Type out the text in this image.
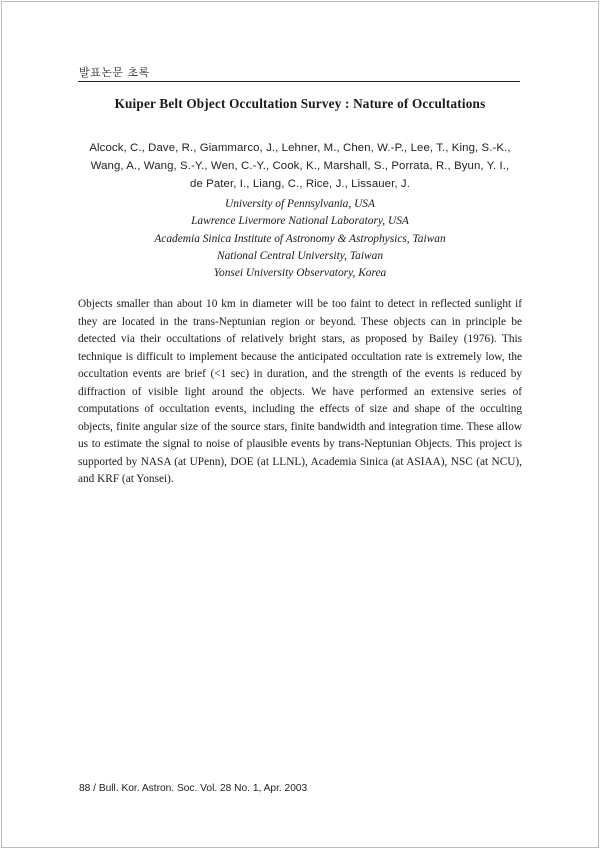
발표논문 초록
Kuiper Belt Object Occultation Survey : Nature of Occultations
Alcock, C., Dave, R., Giammarco, J., Lehner, M., Chen, W.-P., Lee, T., King, S.-K.,
Wang, A., Wang, S.-Y., Wen, C.-Y., Cook, K., Marshall, S., Porrata, R., Byun, Y. I.,
de Pater, I., Liang, C., Rice, J., Lissauer, J.
University of Pennsylvania, USA
Lawrence Livermore National Laboratory, USA
Academia Sinica Institute of Astronomy & Astrophysics, Taiwan
National Central University, Taiwan
Yonsei University Observatory, Korea
Objects smaller than about 10 km in diameter will be too faint to detect in reflected sunlight if they are located in the trans-Neptunian region or beyond. These objects can in principle be detected via their occultations of relatively bright stars, as proposed by Bailey (1976). This technique is difficult to implement because the anticipated occultation rate is extremely low, the occultation events are brief (<1 sec) in duration, and the strength of the events is reduced by diffraction of visible light around the objects. We have performed an extensive series of computations of occultation events, including the effects of size and shape of the occulting objects, finite angular size of the source stars, finite bandwidth and integration time. These allow us to estimate the signal to noise of plausible events by trans-Neptunian Objects. This project is supported by NASA (at UPenn), DOE (at LLNL), Academia Sinica (at ASIAA), NSC (at NCU), and KRF (at Yonsei).
88 / Bull. Kor. Astron. Soc. Vol. 28 No. 1, Apr. 2003
